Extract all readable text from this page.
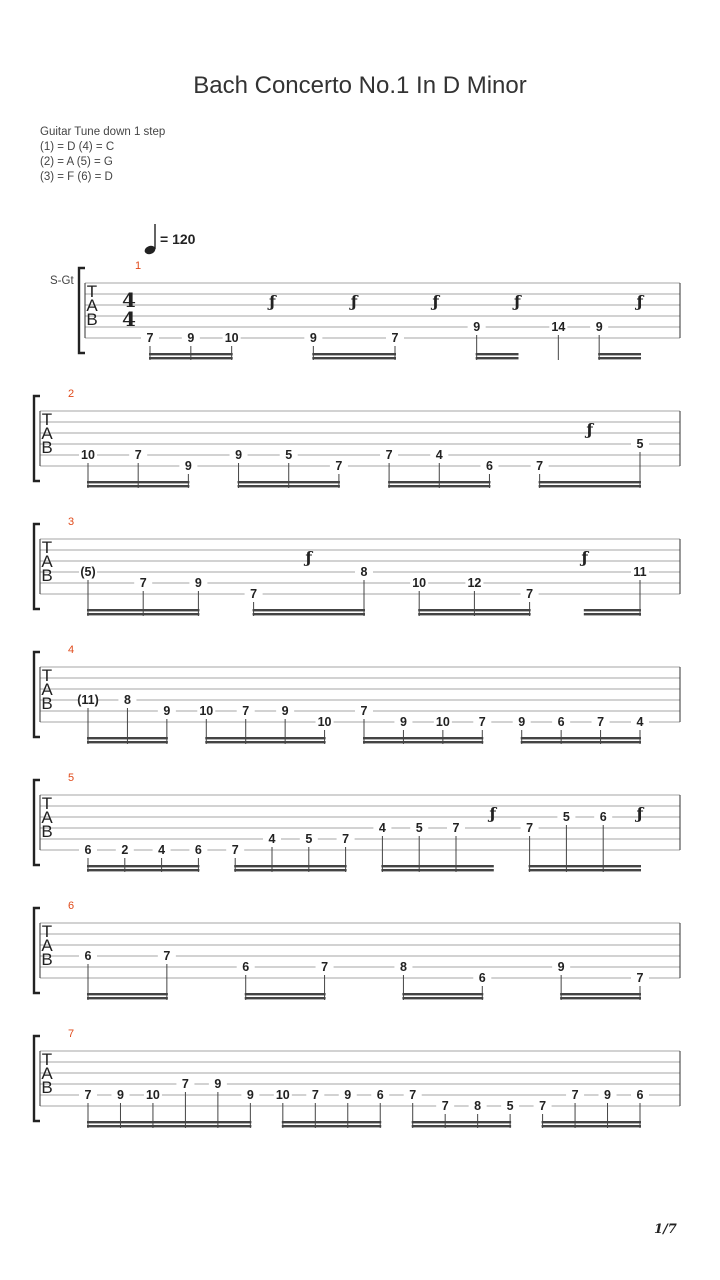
Bach Concerto No.1 In D Minor
Guitar Tune down 1 step
(1) = D (4) = C
(2) = A (5) = G
(3) = F (6) = D
= 120
S-Gt
T
A
B
4
4
1
7	9 10
ƒ
9
ƒ
7
ƒ
9
ƒ
14 9
ƒ
T
A
B
2
10	7
9
9	5
7
7	4
6	7
ƒ
5
T
A
B
3
(5)
7	9
7
ƒ
8
10	12
7
ƒ
11
T
A
B
4
(11) 8
9 10 7	9
10
7
9 10 7	9	6	7	4
T
A
B
5
6 2 4 6 7
4 5 7
4 5 7
ƒ
7
5 6 ƒ
T
A
B
6
6	7
6	7	8
6
9
7
T
A
B
7
7 9 10
7 9
9 10 7 9 6 7
7 8 5 7
7 9 6
1/7
